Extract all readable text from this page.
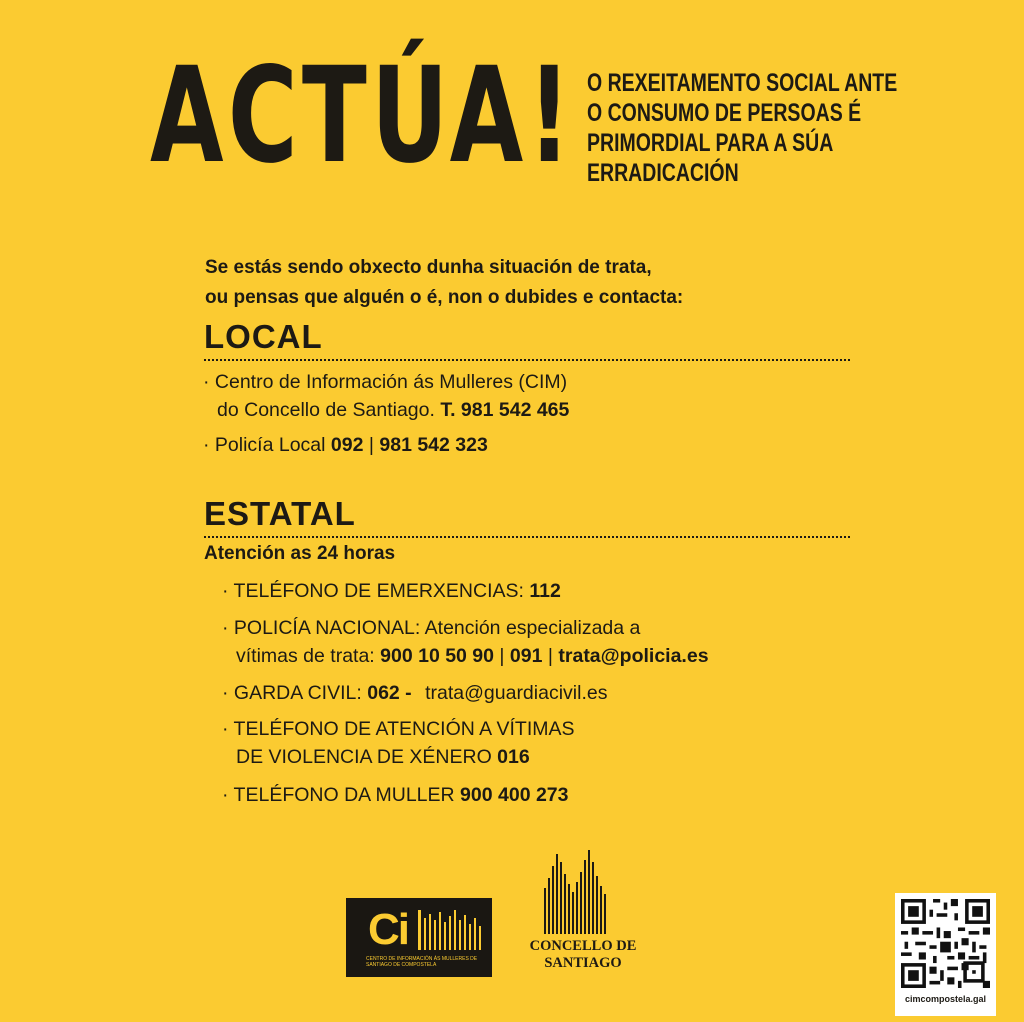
ACTÚA! O REXEITAMENTO SOCIAL ANTE
O CONSUMO DE PERSOAS É
PRIMORDIAL PARA A SÚA
ERRADICACIÓN
Se estás sendo obxecto dunha situación de trata,
ou pensas que alguén o é, non o dubides e contacta:
LOCAL
· Centro de Información ás Mulleres (CIM)
do Concello de Santiago. T. 981 542 465
· Policía Local 092 | 981 542 323
ESTATAL
Atención as 24 horas
· TELÉFONO DE EMERXENCIAS: 112
· POLICÍA NACIONAL: Atención especializada a
vítimas de trata: 900 10 50 90 | 091 | trata@policia.es
· GARDA CIVIL: 062 - trata@guardiacivil.es
· TELÉFONO DE ATENCIÓN A VÍTIMAS
DE VIOLENCIA DE XÉNERO 016
· TELÉFONO DA MULLER 900 400 273
Ci
CENTRO DE INFORMACIÓN ÁS MULLERES DE SANTIAGO DE COMPOSTELA
CONCELLO DE
SANTIAGO
cimcompostela.gal
